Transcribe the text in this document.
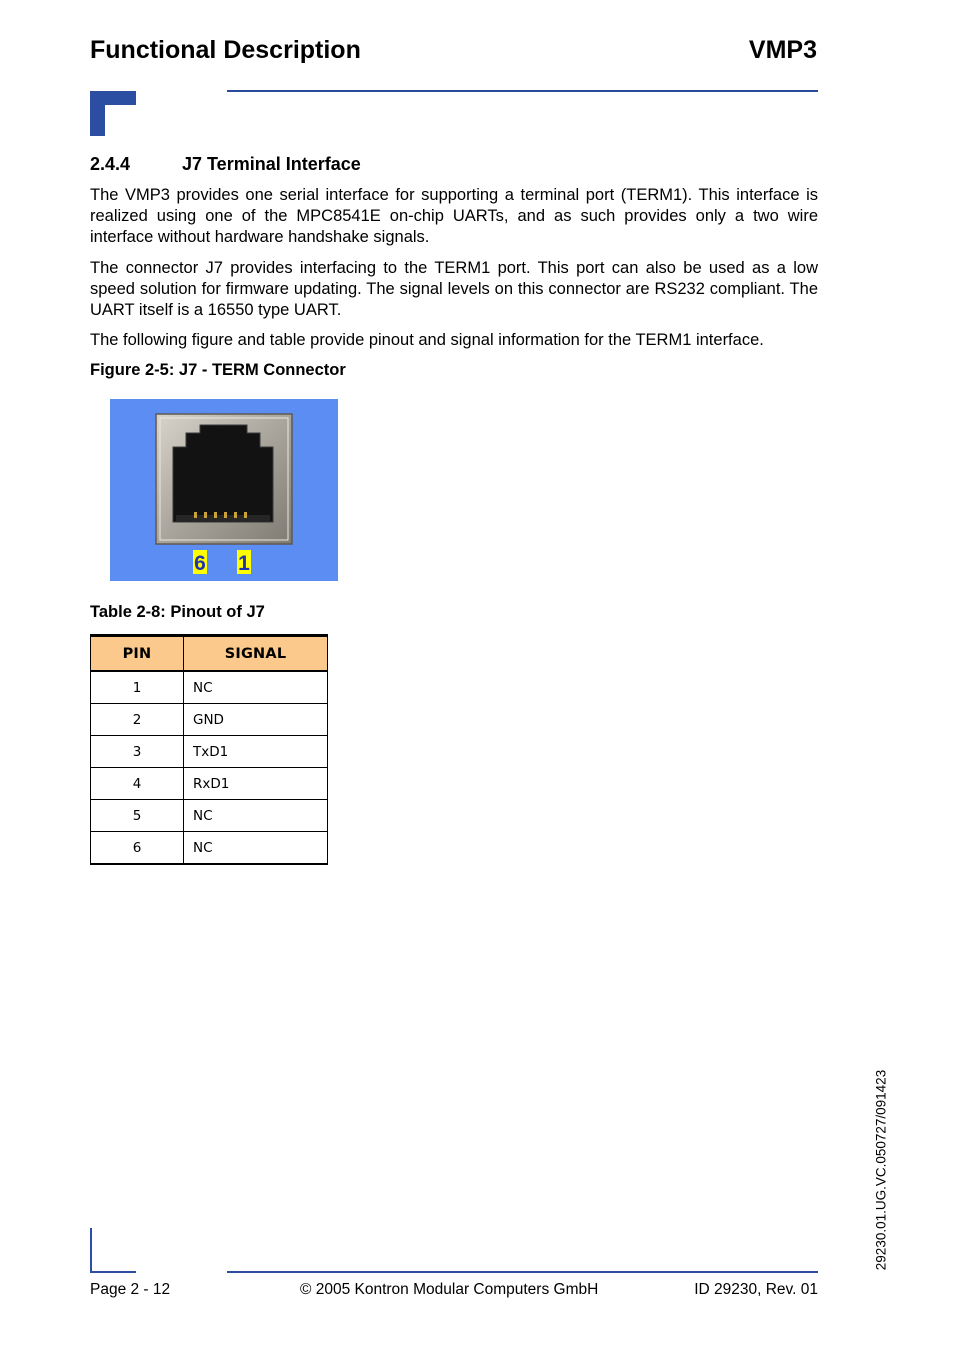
Functional Description	VMP3
2.4.4	J7 Terminal Interface
The VMP3 provides one serial interface for supporting a terminal port (TERM1). This interface is realized using one of the MPC8541E on-chip UARTs, and as such provides only a two wire interface without hardware handshake signals.
The connector J7 provides interfacing to the TERM1 port. This port can also be used as a low speed solution for firmware updating. The signal levels on this connector are RS232 compliant. The UART itself is a 16550 type UART.
The following figure and table provide pinout and signal information for the TERM1 interface.
Figure 2-5: J7 - TERM Connector
6 1
Table 2-8: Pinout of J7
PIN	SIGNAL
1	NC
2	GND
3	TxD1
4	RxD1
5	NC
6	NC
29230.01.UG.VC.050727/091423
Page 2 - 12	© 2005 Kontron Modular Computers GmbH	ID 29230, Rev. 01
